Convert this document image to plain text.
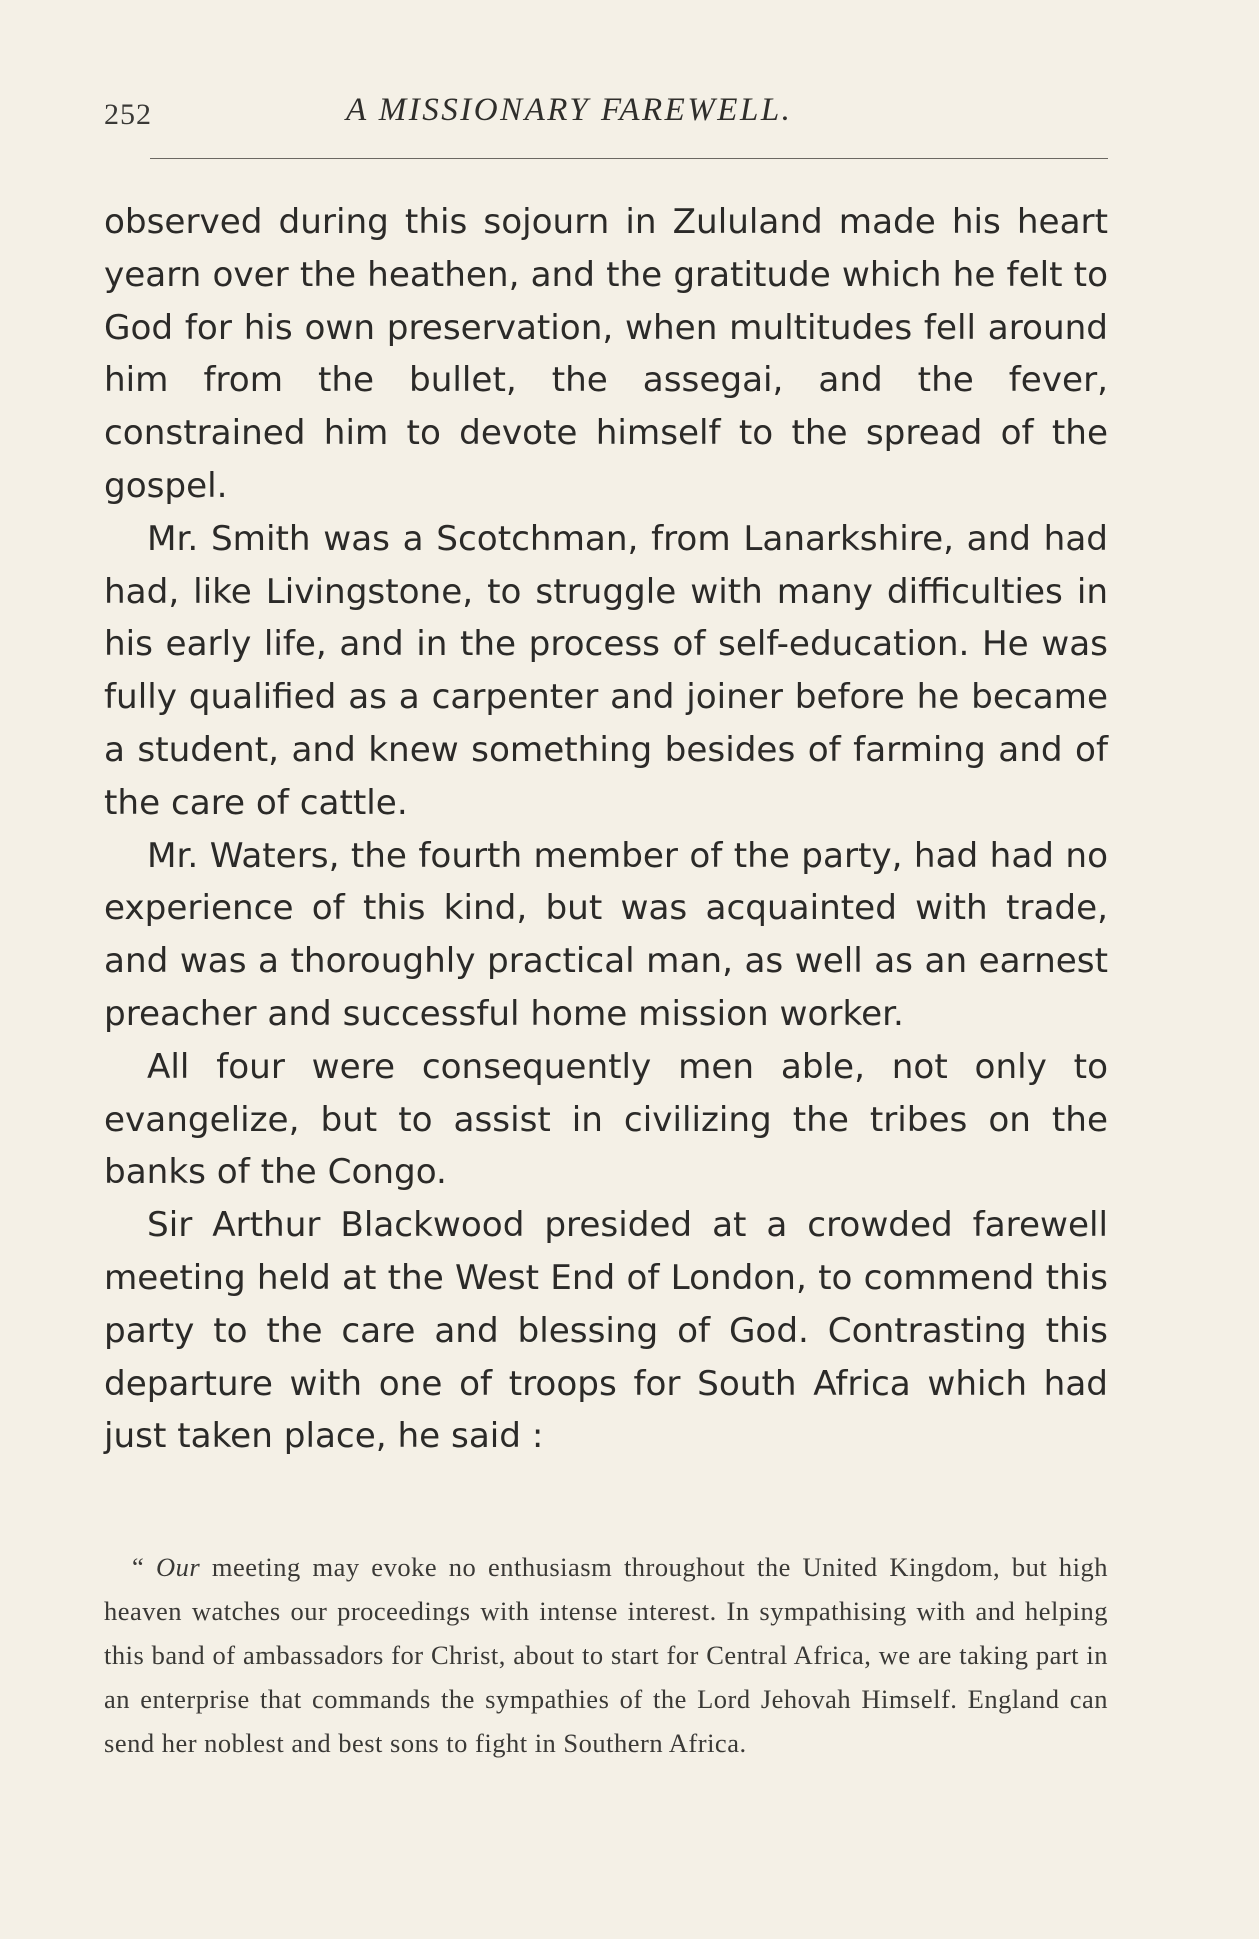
252	A MISSIONARY FAREWELL.

observed during this sojourn in Zululand made his heart yearn over the heathen, and the gratitude which he felt to God for his own preservation, when multitudes fell around him from the bullet, the assegai, and the fever, constrained him to devote himself to the spread of the gospel.

Mr. Smith was a Scotchman, from Lanarkshire, and had had, like Livingstone, to struggle with many difficulties in his early life, and in the process of self-education. He was fully qualified as a carpenter and joiner before he became a student, and knew something besides of farming and of the care of cattle.

Mr. Waters, the fourth member of the party, had had no experience of this kind, but was acquainted with trade, and was a thoroughly practical man, as well as an earnest preacher and successful home mission worker.

All four were consequently men able, not only to evangelize, but to assist in civilizing the tribes on the banks of the Congo.

Sir Arthur Blackwood presided at a crowded farewell meeting held at the West End of London, to commend this party to the care and blessing of God. Contrasting this departure with one of troops for South Africa which had just taken place, he said :

“ Our meeting may evoke no enthusiasm throughout the United Kingdom, but high heaven watches our proceedings with intense interest. In sympathising with and helping this band of ambassadors for Christ, about to start for Central Africa, we are taking part in an enterprise that commands the sympathies of the Lord Jehovah Himself. England can send her noblest and best sons to fight in Southern Africa.
